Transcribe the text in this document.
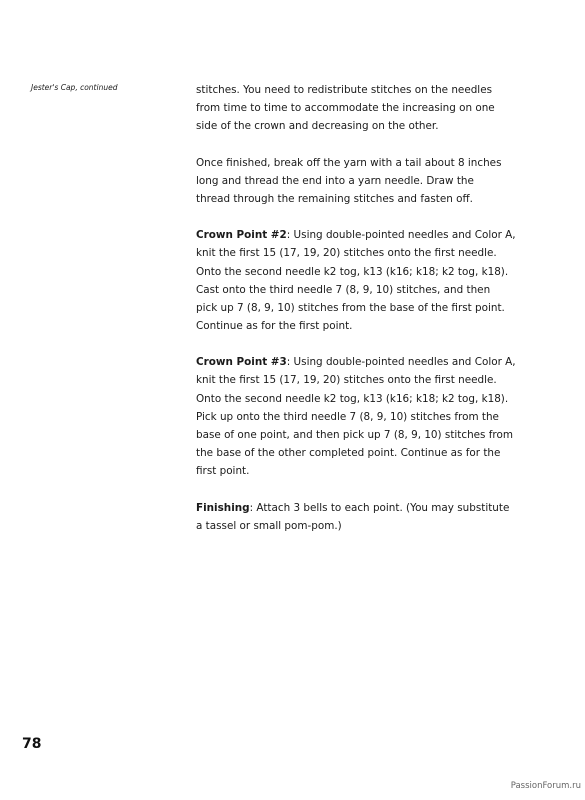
Jester's Cap, continued	stitches. You need to redistribute stitches on the needles
from time to time to accommodate the increasing on one
side of the crown and decreasing on the other.

Once finished, break off the yarn with a tail about 8 inches
long and thread the end into a yarn needle. Draw the
thread through the remaining stitches and fasten off.

Crown Point #2: Using double-pointed needles and Color A,
knit the first 15 (17, 19, 20) stitches onto the first needle.
Onto the second needle k2 tog, k13 (k16; k18; k2 tog, k18).
Cast onto the third needle 7 (8, 9, 10) stitches, and then
pick up 7 (8, 9, 10) stitches from the base of the first point.
Continue as for the first point.

Crown Point #3: Using double-pointed needles and Color A,
knit the first 15 (17, 19, 20) stitches onto the first needle.
Onto the second needle k2 tog, k13 (k16; k18; k2 tog, k18).
Pick up onto the third needle 7 (8, 9, 10) stitches from the
base of one point, and then pick up 7 (8, 9, 10) stitches from
the base of the other completed point. Continue as for the
first point.

Finishing: Attach 3 bells to each point. (You may substitute
a tassel or small pom-pom.)

78
PassionForum.ru
